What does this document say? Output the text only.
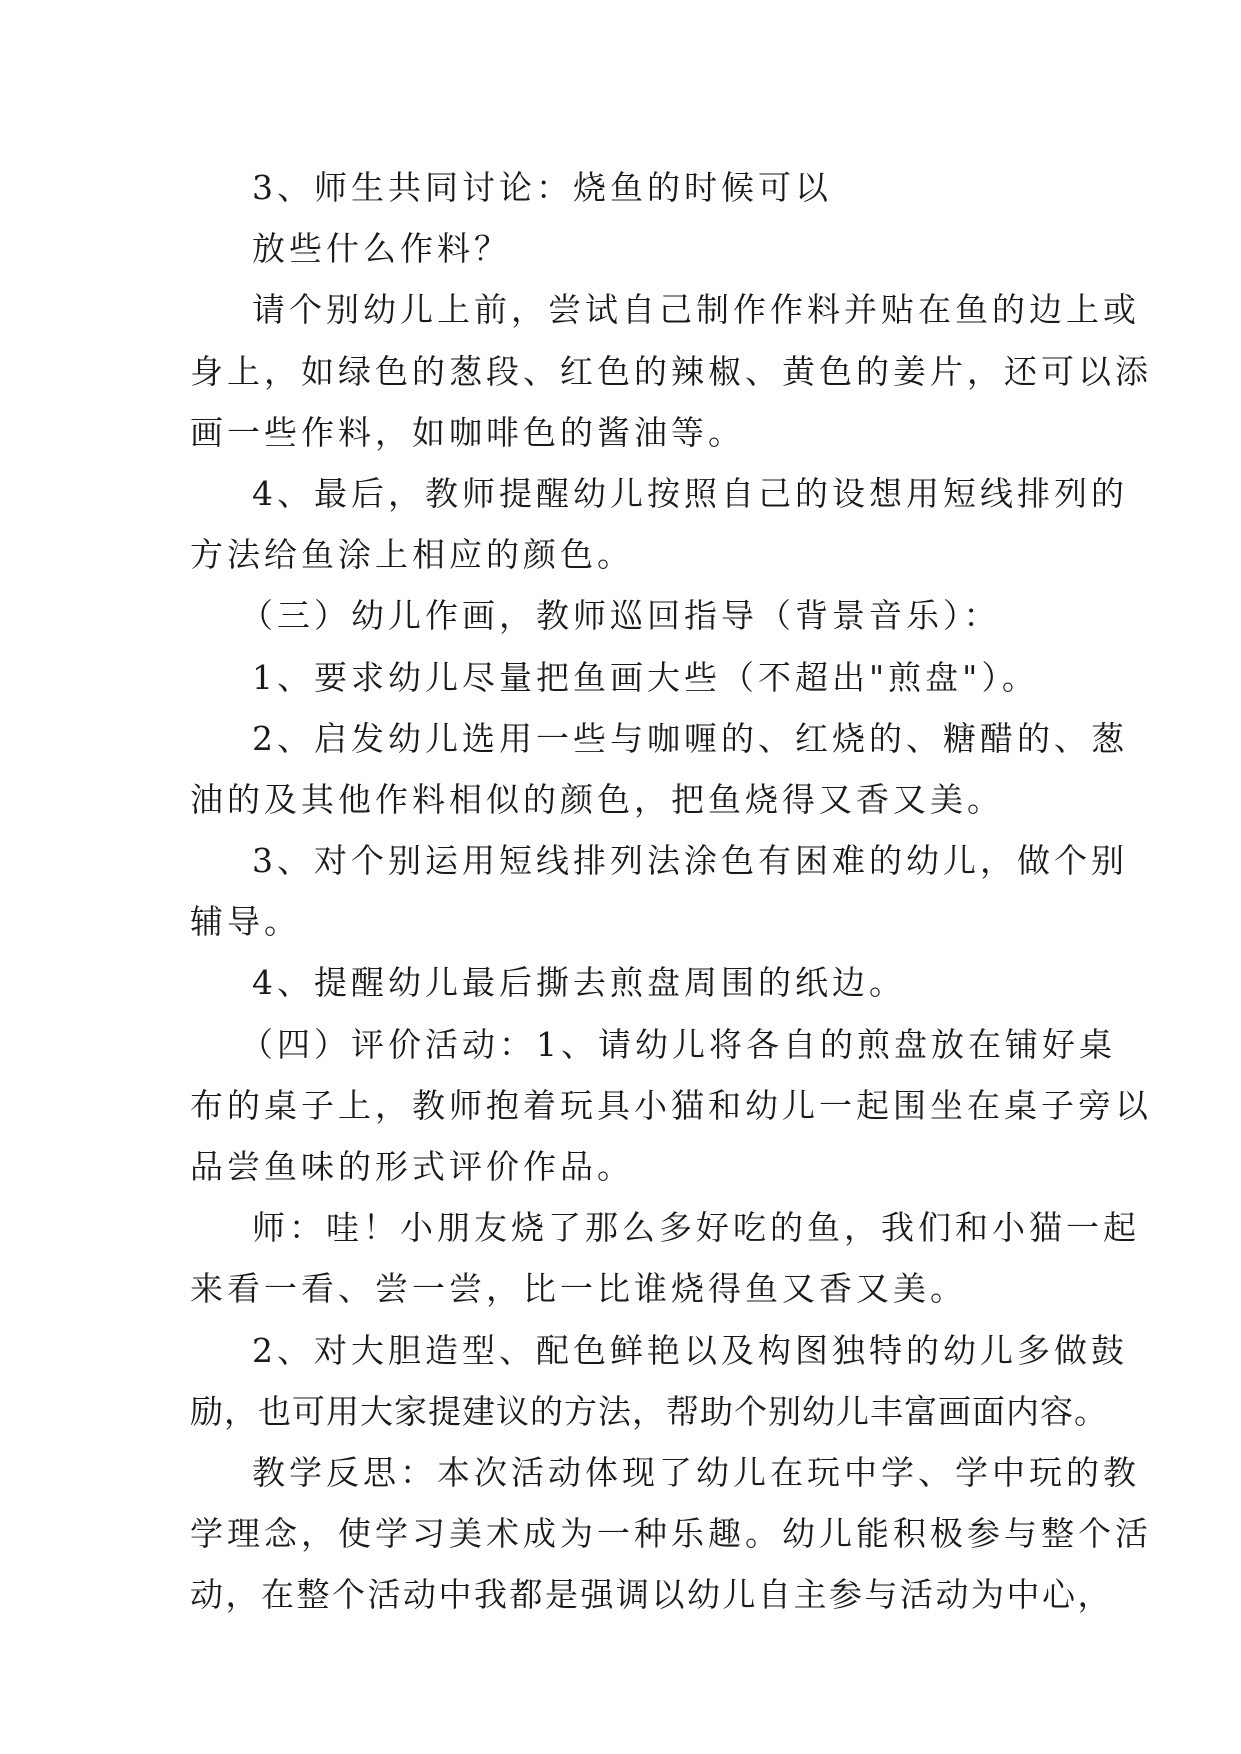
3、师生共同讨论：烧鱼的时候可以
放些什么作料？
请个别幼儿上前，尝试自己制作作料并贴在鱼的边上或
身上，如绿色的葱段、红色的辣椒、黄色的姜片，还可以添
画一些作料，如咖啡色的酱油等。
4、最后，教师提醒幼儿按照自己的设想用短线排列的
方法给鱼涂上相应的颜色。
（三）幼儿作画，教师巡回指导（背景音乐）：
1、要求幼儿尽量把鱼画大些（不超出"煎盘"）。
2、启发幼儿选用一些与咖喱的、红烧的、糖醋的、葱
油的及其他作料相似的颜色，把鱼烧得又香又美。
3、对个别运用短线排列法涂色有困难的幼儿，做个别
辅导。
4、提醒幼儿最后撕去煎盘周围的纸边。
（四）评价活动：1、请幼儿将各自的煎盘放在铺好桌
布的桌子上，教师抱着玩具小猫和幼儿一起围坐在桌子旁以
品尝鱼味的形式评价作品。
师：哇！小朋友烧了那么多好吃的鱼，我们和小猫一起
来看一看、尝一尝，比一比谁烧得鱼又香又美。
2、对大胆造型、配色鲜艳以及构图独特的幼儿多做鼓
励，也可用大家提建议的方法，帮助个别幼儿丰富画面内容。
教学反思：本次活动体现了幼儿在玩中学、学中玩的教
学理念，使学习美术成为一种乐趣。幼儿能积极参与整个活
动，在整个活动中我都是强调以幼儿自主参与活动为中心，
